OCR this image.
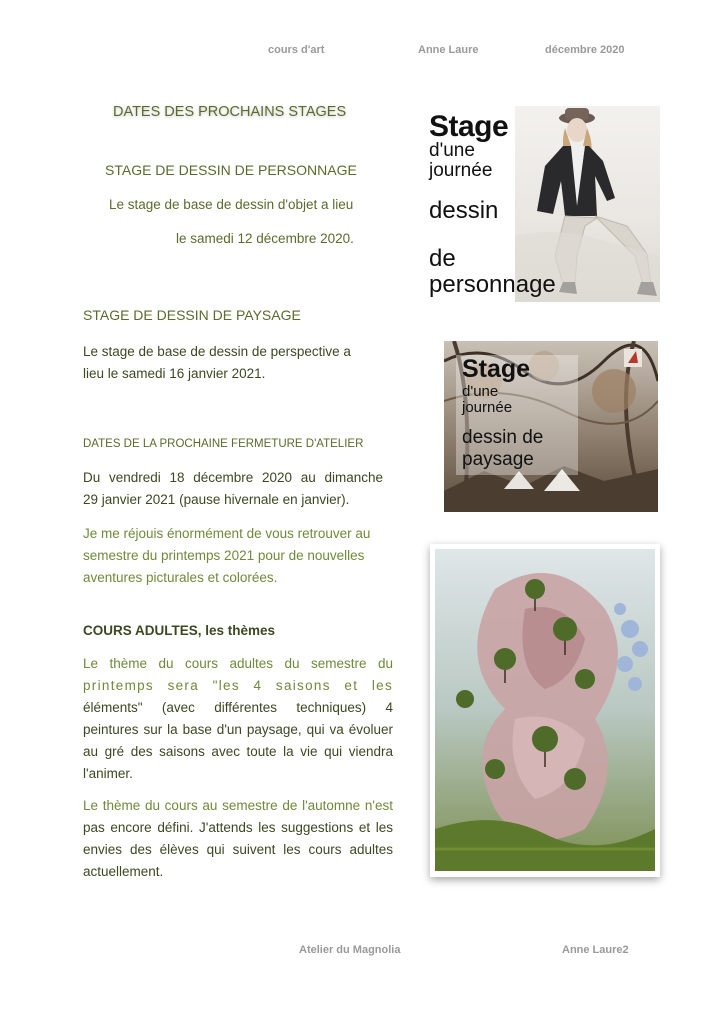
cours d'art	Anne Laure	décembre 2020
DATES DES PROCHAINS STAGES
STAGE DE DESSIN DE PERSONNAGE
Le stage de base de dessin d'objet a lieu
le samedi 12 décembre 2020.
STAGE DE DESSIN DE PAYSAGE
Le stage de base de dessin de perspective a
lieu le samedi 16 janvier 2021.
DATES DE LA PROCHAINE FERMETURE D'ATELIER
Du vendredi 18 décembre 2020 au dimanche
29 janvier 2021 (pause hivernale en janvier).
Je me réjouis énormément de vous retrouver au
semestre du printemps 2021 pour de nouvelles
aventures picturales et colorées.
COURS ADULTES, les thèmes
Le thème du cours adultes du semestre du
printemps sera "les 4 saisons et les
éléments" (avec différentes techniques) 4
peintures sur la base d'un paysage, qui va évoluer
au gré des saisons avec toute la vie qui viendra
l'animer.
Le thème du cours au semestre de l'automne n'est
pas encore défini. J'attends les suggestions et les
envies des élèves qui suivent les cours adultes
actuellement.
Stage
d'une
journée
dessin
de
personnage
Stage
d'une
journée
dessin de
paysage
Atelier du Magnolia	Anne Laure2
